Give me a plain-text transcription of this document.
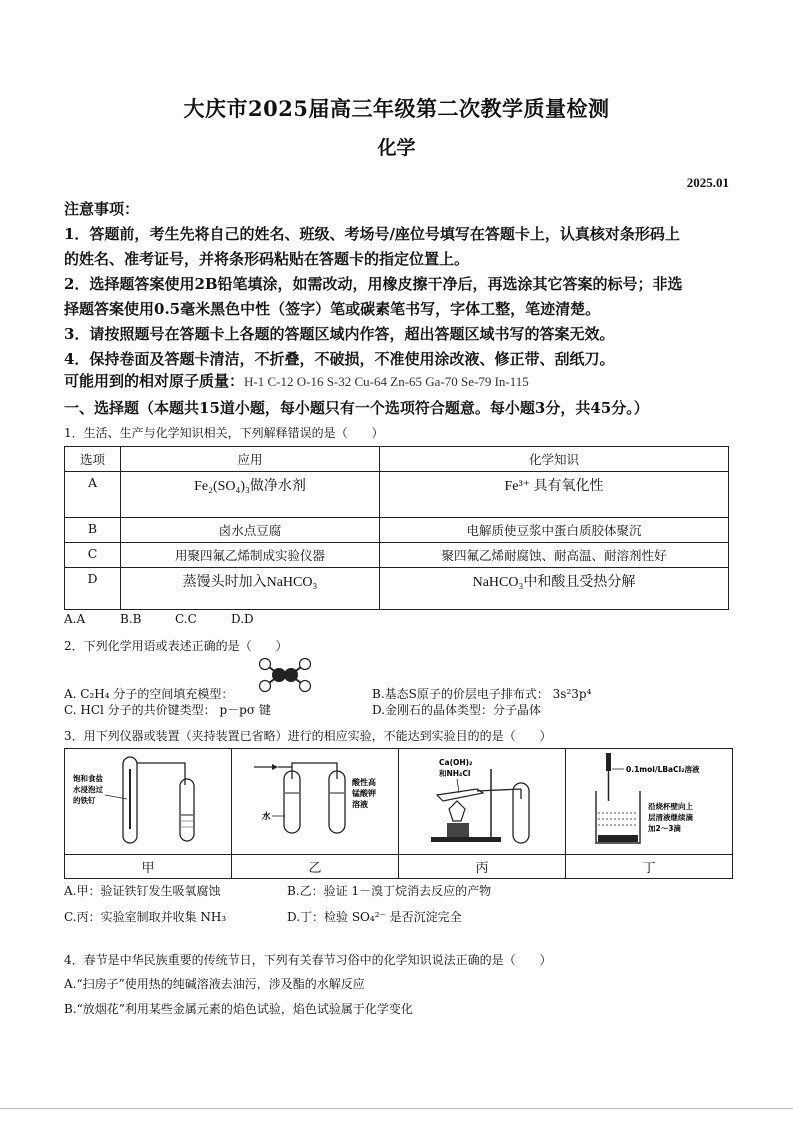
大庆市2025届高三年级第二次教学质量检测
化学
2025.01
注意事项：
1．答题前，考生先将自己的姓名、班级、考场号/座位号填写在答题卡上，认真核对条形码上
的姓名、准考证号，并将条形码粘贴在答题卡的指定位置上。
2．选择题答案使用2B铅笔填涂，如需改动，用橡皮擦干净后，再选涂其它答案的标号；非选
择题答案使用0.5毫米黑色中性（签字）笔或碳素笔书写，字体工整，笔迹清楚。
3．请按照题号在答题卡上各题的答题区域内作答，超出答题区域书写的答案无效。
4．保持卷面及答题卡清洁，不折叠，不破损，不准使用涂改液、修正带、刮纸刀。
可能用到的相对原子质量：H-1 C-12 O-16 S-32 Cu-64 Zn-65 Ga-70 Se-79 In-115
一、选择题（本题共15道小题，每小题只有一个选项符合题意。每小题3分，共45分。）
1．生活、生产与化学知识相关，下列解释错误的是（　　）
选项	应用	化学知识
A	Fe₂(SO₄)₃做净水剂	Fe³⁺ 具有氧化性
B	卤水点豆腐	电解质使豆浆中蛋白质胶体聚沉
C	用聚四氟乙烯制成实验仪器	聚四氟乙烯耐腐蚀、耐高温、耐溶剂性好
D	蒸馒头时加入NaHCO₃	NaHCO₃中和酸且受热分解
A.A	B.B	C.C	D.D
2．下列化学用语或表述正确的是（　　）
A. C₂H₄ 分子的空间填充模型：	B.基态S原子的价层电子排布式： 3s²3p⁴
C. HCl 分子的共价键类型： p－pσ 键	D.金刚石的晶体类型：分子晶体
3．用下列仪器或装置（夹持装置已省略）进行的相应实验，不能达到实验目的的是（　　）
饱和食盐
水浸泡过
的铁钉	水
酸性高
锰酸钾
溶液	Ca(OH)₂
和NH₄Cl	0.1mol/LBaCl₂溶液
沿烧杯壁向上
层清液继续滴
加2～3滴

甲	乙	丙	丁
A.甲：验证铁钉发生吸氧腐蚀	B.乙：验证 1－溴丁烷消去反应的产物
C.丙：实验室制取并收集 NH₃	D.丁：检验 SO₄²⁻ 是否沉淀完全
4．春节是中华民族重要的传统节日，下列有关春节习俗中的化学知识说法正确的是（　　）
A.“扫房子”使用热的纯碱溶液去油污，涉及酯的水解反应
B.“放烟花”利用某些金属元素的焰色试验，焰色试验属于化学变化
